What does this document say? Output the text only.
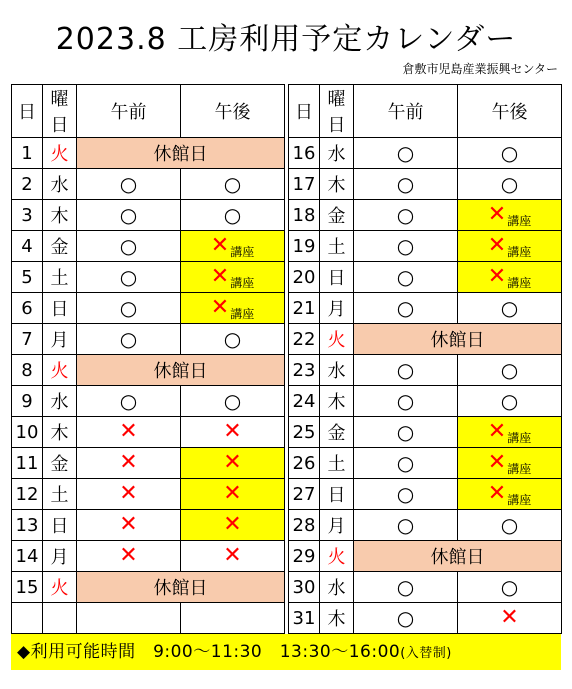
2023.8 工房利用予定カレンダー
倉敷市児島産業振興センター
日	曜日	午前	午後
1	火	休館日	
2	水	○	○
3	木	○	○
4	金	○	$✕_{講座}$
5	土	○	$✕_{講座}$
6	日	○	$✕_{講座}$
7	月	○	○
8	火	休館日	
9	水	○	○
10	木	✕	✕
11	金	✕	✕
12	土	✕	✕
13	日	✕	✕
14	月	✕	✕
15	火	休館日	

日	曜日	午前	午後
16	水	○	○
17	木	○	○
18	金	○	$✕_{講座}$
19	土	○	$✕_{講座}$
20	日	○	$✕_{講座}$
21	月	○	○
22	火	休館日	
23	水	○	○
24	木	○	○
25	金	○	$✕_{講座}$
26	土	○	$✕_{講座}$
27	日	○	$✕_{講座}$
28	月	○	○
29	火	休館日	
30	水	○	○
31	木	○	✕
◆利用可能時間　9:00～11:30　13:30～16:00(入替制)
